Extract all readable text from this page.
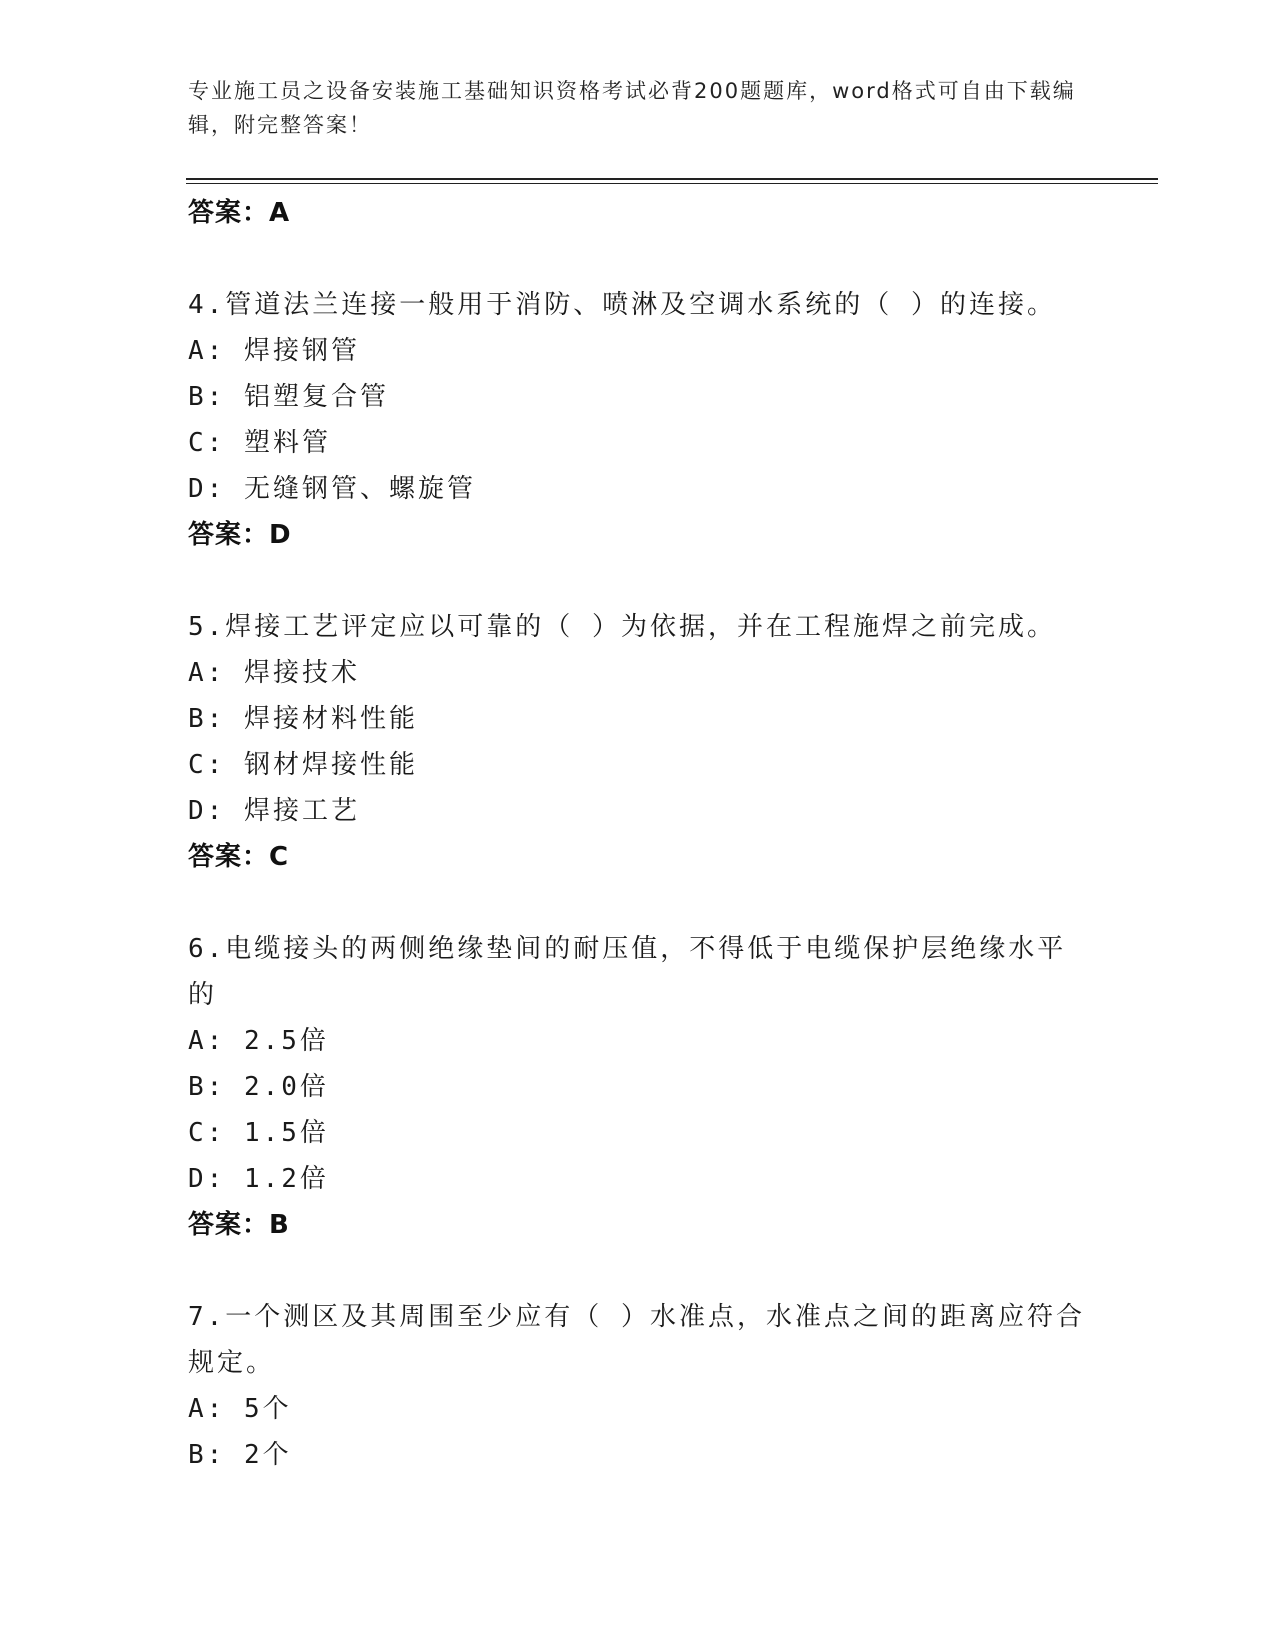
专业施工员之设备安装施工基础知识资格考试必背200题题库，word格式可自由下载编辑，附完整答案！
答案：A
4.管道法兰连接一般用于消防、喷淋及空调水系统的（ ）的连接。
A: 焊接钢管
B: 铝塑复合管
C: 塑料管
D: 无缝钢管、螺旋管
答案：D
5.焊接工艺评定应以可靠的（ ）为依据，并在工程施焊之前完成。
A: 焊接技术
B: 焊接材料性能
C: 钢材焊接性能
D: 焊接工艺
答案：C
6.电缆接头的两侧绝缘垫间的耐压值，不得低于电缆保护层绝缘水平的
A: 2.5倍
B: 2.0倍
C: 1.5倍
D: 1.2倍
答案：B
7.一个测区及其周围至少应有（ ）水准点，水准点之间的距离应符合规定。
A: 5个
B: 2个
